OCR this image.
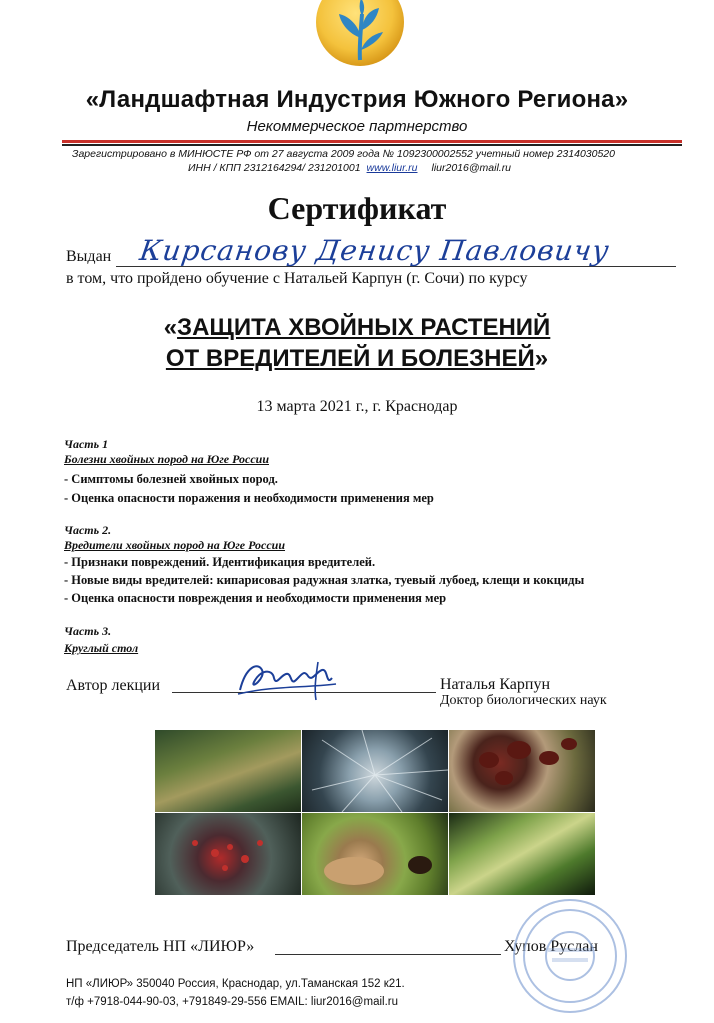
«Ландшафтная Индустрия Южного Региона»
Некоммерческое партнерство
Зарегистрировано в МИНЮСТЕ РФ от 27 августа 2009 года № 1092300002552 учетный номер 2314030520
ИНН / КПП 2312164294/ 231201001 www.liur.ru liur2016@mail.ru
Сертификат
Выдан Кирсанову Денису Павловичу
в том, что пройдено обучение с Натальей Карпун (г. Сочи) по курсу
«ЗАЩИТА ХВОЙНЫХ РАСТЕНИЙ
ОТ ВРЕДИТЕЛЕЙ И БОЛЕЗНЕЙ»
13 марта 2021 г., г. Краснодар
Часть 1
Болезни хвойных пород на Юге России
- Симптомы болезней хвойных пород.
- Оценка опасности поражения и необходимости применения мер
Часть 2.
Вредители хвойных пород на Юге России
- Признаки повреждений. Идентификация вредителей.
- Новые виды вредителей: кипарисовая радужная златка, туевый лубоед, клещи и кокциды
- Оценка опасности повреждения и необходимости применения мер
Часть 3.
Круглый стол
Автор лекции	Наталья Карпун
Доктор биологических наук
Председатель НП «ЛИЮР»	Хупов Руслан
НП «ЛИЮР» 350040 Россия, Краснодар, ул.Таманская 152 к21.
т/ф +7918-044-90-03, +791849-29-556 EMAIL: liur2016@mail.ru
